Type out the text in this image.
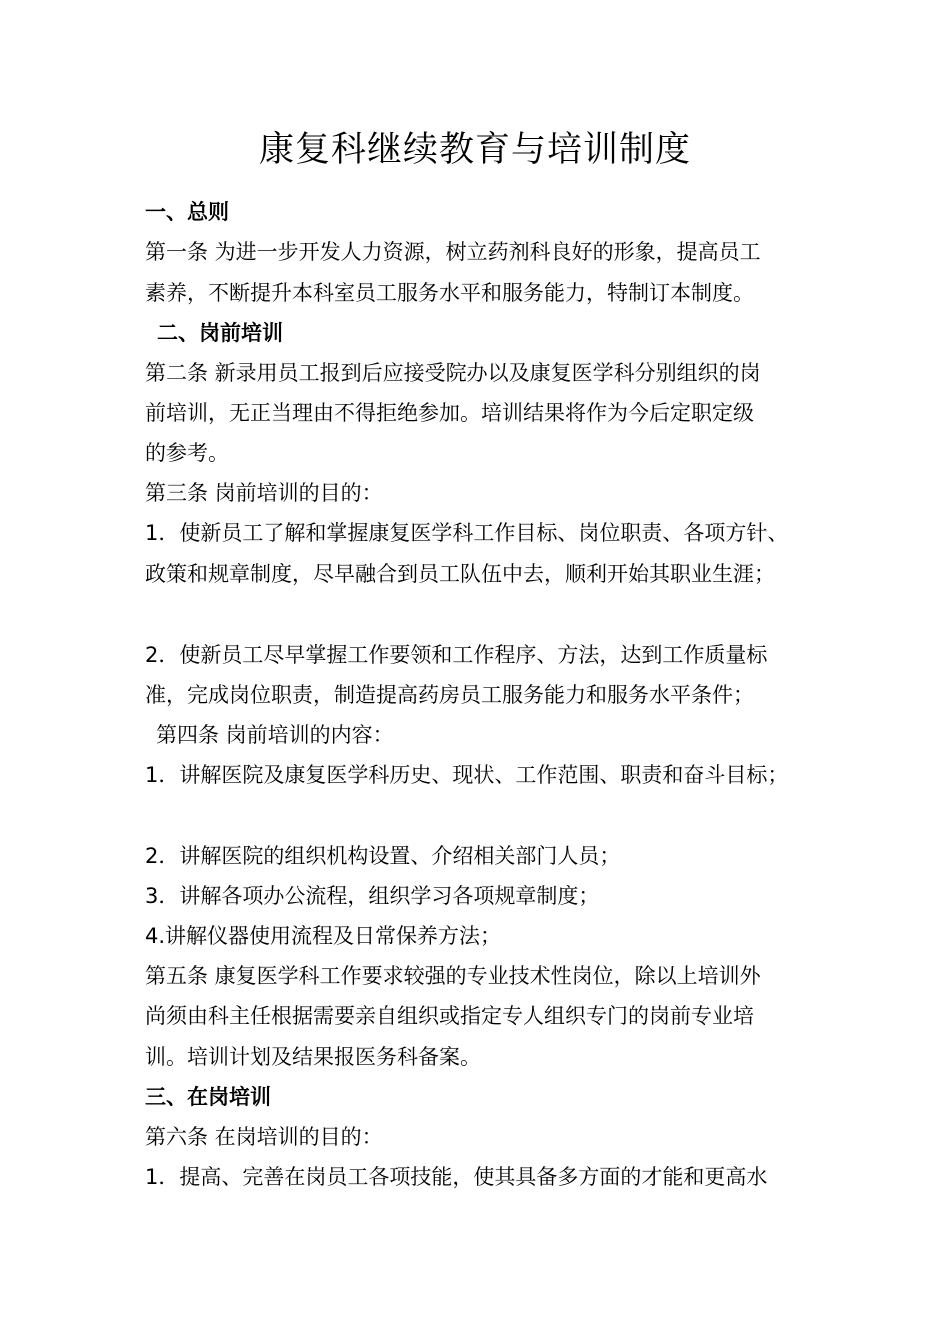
康复科继续教育与培训制度
一、总则
第一条 为进一步开发人力资源，树立药剂科良好的形象，提高员工
素养，不断提升本科室员工服务水平和服务能力，特制订本制度。
二、岗前培训
第二条 新录用员工报到后应接受院办以及康复医学科分别组织的岗
前培训，无正当理由不得拒绝参加。培训结果将作为今后定职定级
的参考。
第三条 岗前培训的目的：
1．使新员工了解和掌握康复医学科工作目标、岗位职责、各项方针、
政策和规章制度，尽早融合到员工队伍中去，顺利开始其职业生涯；
2．使新员工尽早掌握工作要领和工作程序、方法，达到工作质量标
准，完成岗位职责，制造提高药房员工服务能力和服务水平条件；
第四条 岗前培训的内容：
1．讲解医院及康复医学科历史、现状、工作范围、职责和奋斗目标；
2．讲解医院的组织机构设置、介绍相关部门人员；
3．讲解各项办公流程，组织学习各项规章制度；
4.讲解仪器使用流程及日常保养方法；
第五条 康复医学科工作要求较强的专业技术性岗位，除以上培训外
尚须由科主任根据需要亲自组织或指定专人组织专门的岗前专业培
训。培训计划及结果报医务科备案。
三、在岗培训
第六条 在岗培训的目的：
1．提高、完善在岗员工各项技能，使其具备多方面的才能和更高水
